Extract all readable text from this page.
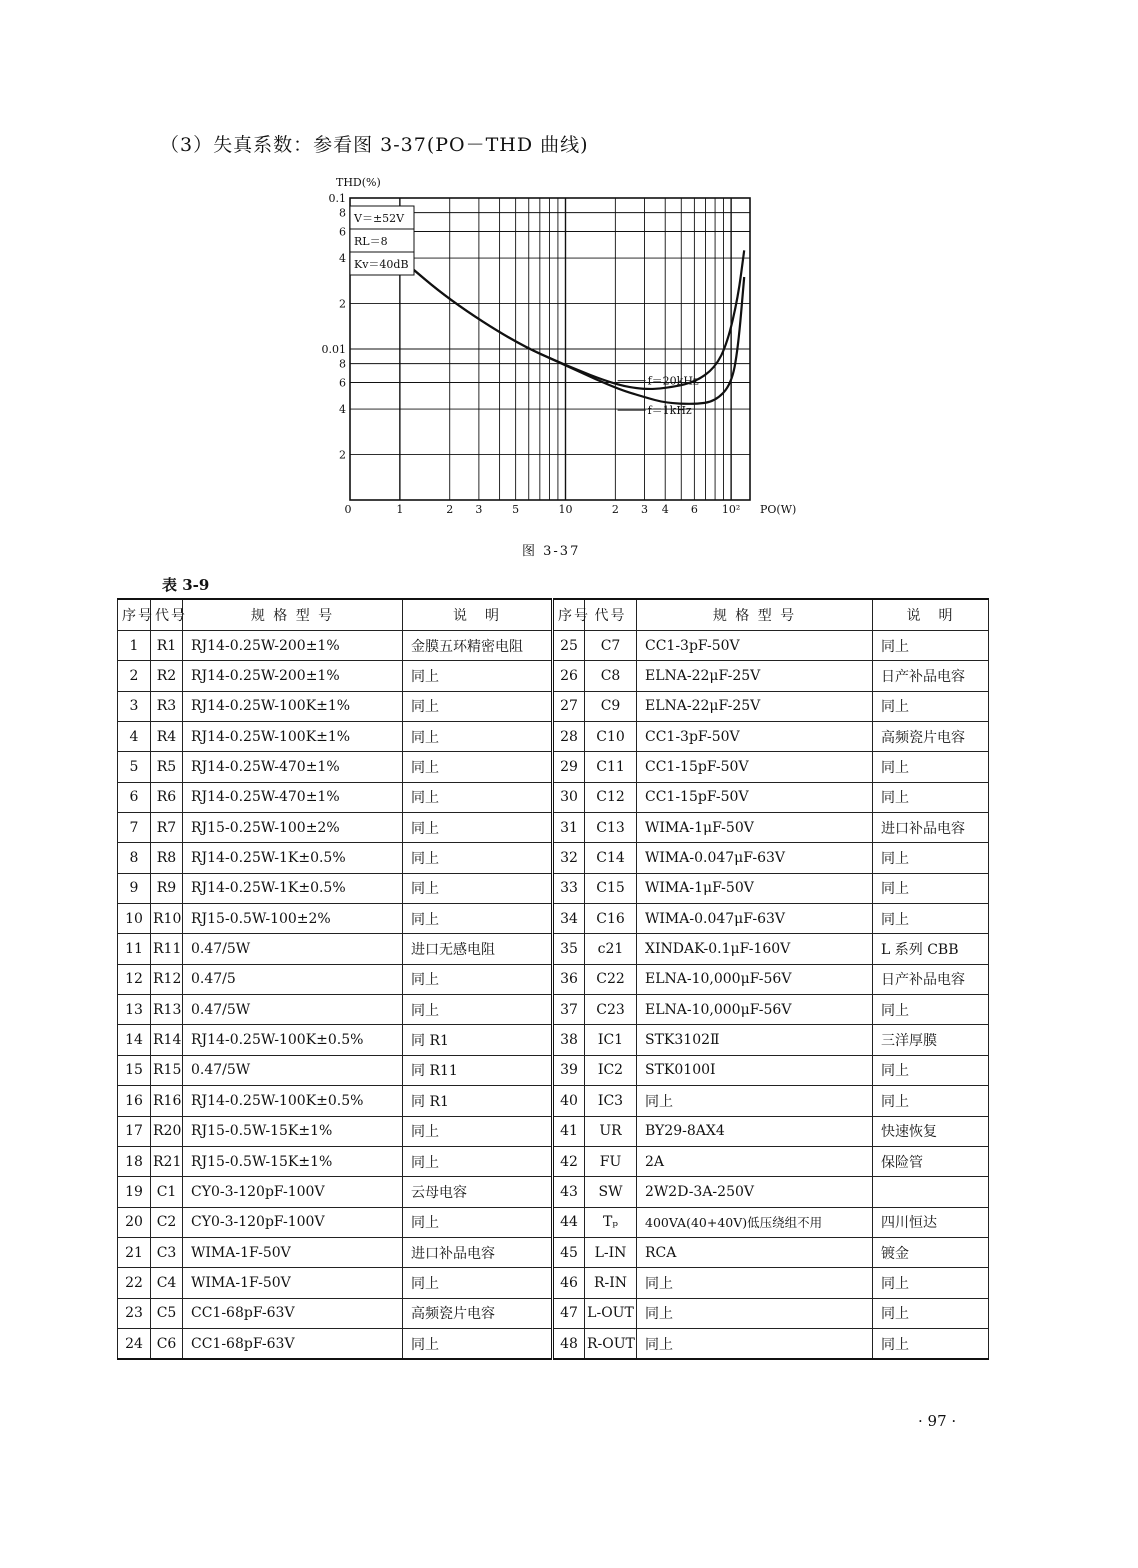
（3）失真系数：参看图 3-37(PO－THD 曲线)
1	2 3	5	10	2 3 4 6 10²
0	PO(W)
0.1
8
6
4
2
0.01
8
6
4
2
THD(%)
V＝±52V
RL＝8
Kv＝40dB
f＝20kHz
f＝1kHz
图 3-37
表 3-9
序号	代号	规 格 型 号	说　明	序号	代号	规 格 型 号	说　明
1	R1	RJ14-0.25W-200±1%	金膜五环精密电阻	25	C7	CC1-3pF-50V	同上
2	R2	RJ14-0.25W-200±1%	同上	26	C8	ELNA-22μF-25V	日产补品电容
3	R3	RJ14-0.25W-100K±1%	同上	27	C9	ELNA-22μF-25V	同上
4	R4	RJ14-0.25W-100K±1%	同上	28	C10	CC1-3pF-50V	高频瓷片电容
5	R5	RJ14-0.25W-470±1%	同上	29	C11	CC1-15pF-50V	同上
6	R6	RJ14-0.25W-470±1%	同上	30	C12	CC1-15pF-50V	同上
7	R7	RJ15-0.25W-100±2%	同上	31	C13	WIMA-1μF-50V	进口补品电容
8	R8	RJ14-0.25W-1K±0.5%	同上	32	C14	WIMA-0.047μF-63V	同上
9	R9	RJ14-0.25W-1K±0.5%	同上	33	C15	WIMA-1μF-50V	同上
10	R10	RJ15-0.5W-100±2%	同上	34	C16	WIMA-0.047μF-63V	同上
11	R11	0.47/5W	进口无感电阻	35	c21	XINDAK-0.1μF-160V	L 系列 CBB
12	R12	0.47/5	同上	36	C22	ELNA-10,000μF-56V	日产补品电容
13	R13	0.47/5W	同上	37	C23	ELNA-10,000μF-56V	同上
14	R14	RJ14-0.25W-100K±0.5%	同 R1	38	IC1	STK3102Ⅱ	三洋厚膜
15	R15	0.47/5W	同 R11	39	IC2	STK0100Ⅰ	同上
16	R16	RJ14-0.25W-100K±0.5%	同 R1	40	IC3	同上	同上
17	R20	RJ15-0.5W-15K±1%	同上	41	UR	BY29-8AX4	快速恢复
18	R21	RJ15-0.5W-15K±1%	同上	42	FU	2A	保险管
19	C1	CY0-3-120pF-100V	云母电容	43	SW	2W2D-3A-250V	
20	C2	CY0-3-120pF-100V	同上	44	Tₚ	400VA(40+40V)低压绕组不用	四川恒达
21	C3	WIMA-1F-50V	进口补品电容	45	L-IN	RCA	镀金
22	C4	WIMA-1F-50V	同上	46	R-IN	同上	同上
23	C5	CC1-68pF-63V	高频瓷片电容	47	L-OUT	同上	同上
24	C6	CC1-68pF-63V	同上	48	R-OUT	同上	同上
· 97 ·
